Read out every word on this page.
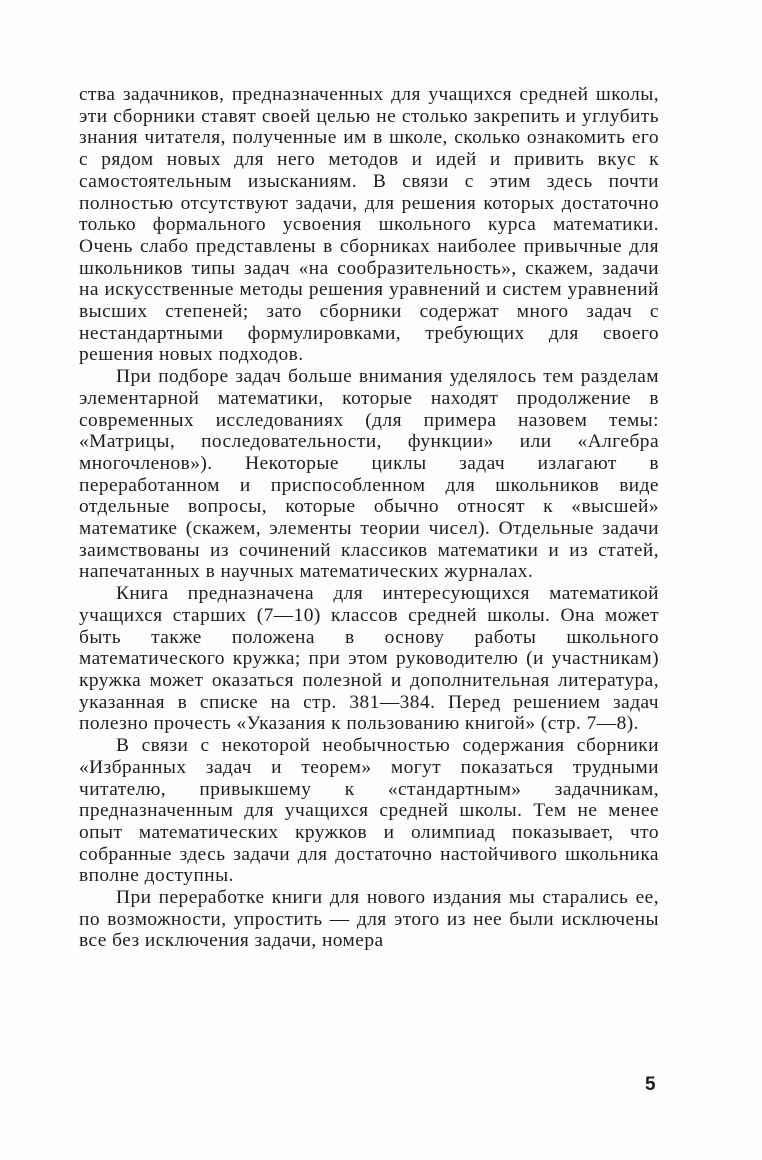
ства задачников, предназначенных для учащихся средней школы, эти сборники ставят своей целью не столько закрепить и углубить знания читателя, полученные им в школе, сколько ознакомить его с рядом новых для него методов и идей и привить вкус к самостоятельным изысканиям. В связи с этим здесь почти полностью отсутствуют задачи, для решения которых достаточно только формального усвоения школьного курса математики. Очень слабо представлены в сборниках наиболее привычные для школьников типы задач «на сообразительность», скажем, задачи на искусственные методы решения уравнений и систем уравнений высших степеней; зато сборники содержат много задач с нестандартными формулировками, требующих для своего решения новых подходов.

При подборе задач больше внимания уделялось тем разделам элементарной математики, которые находят продолжение в современных исследованиях (для примера назовем темы: «Матрицы, последовательности, функции» или «Алгебра многочленов»). Некоторые циклы задач излагают в переработанном и приспособленном для школьников виде отдельные вопросы, которые обычно относят к «высшей» математике (скажем, элементы теории чисел). Отдельные задачи заимствованы из сочинений классиков математики и из статей, напечатанных в научных математических журналах.

Книга предназначена для интересующихся математикой учащихся старших (7—10) классов средней школы. Она может быть также положена в основу работы школьного математического кружка; при этом руководителю (и участникам) кружка может оказаться полезной и дополнительная литература, указанная в списке на стр. 381—384. Перед решением задач полезно прочесть «Указания к пользованию книгой» (стр. 7—8).

В связи с некоторой необычностью содержания сборники «Избранных задач и теорем» могут показаться трудными читателю, привыкшему к «стандартным» задачникам, предназначенным для учащихся средней школы. Тем не менее опыт математических кружков и олимпиад показывает, что собранные здесь задачи для достаточно настойчивого школьника вполне доступны.

При переработке книги для нового издания мы старались ее, по возможности, упростить — для этого из нее были исключены все без исключения задачи, номера

5
